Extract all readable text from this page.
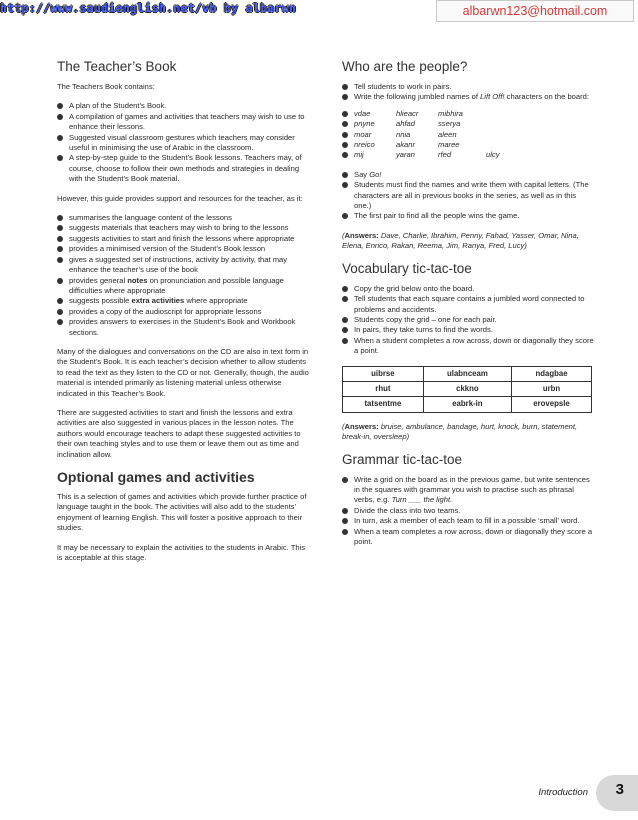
http://www.saudienglish.net/vb by albarwn	albarwn123@hotmail.com
The Teacher’s Book

The Teachers Book contains:

A plan of the Student’s Book.
A compilation of games and activities that teachers may wish to use to enhance their lessons.
Suggested visual classroom gestures which teachers may consider useful in minimising the use of Arabic in the classroom.
A step-by-step guide to the Student’s Book lessons. Teachers may, of course, choose to follow their own methods and strategies in dealing with the Student’s Book material.

However, this guide provides support and resources for the teacher, as it:

summarises the language content of the lessons
suggests materials that teachers may wish to bring to the lessons
suggests activities to start and finish the lessons where appropriate
provides a minimised version of the Student’s Book lesson
gives a suggested set of instructions, activity by activity, that may enhance the teacher’s use of the book
provides general notes on pronunciation and possible language difficulties where appropriate
suggests possible extra activities where appropriate
provides a copy of the audioscript for appropriate lessons
provides answers to exercises in the Student’s Book and Workbook sections.

Many of the dialogues and conversations on the CD are also in text form in the Student’s Book. It is each teacher’s decision whether to allow students to read the text as they listen to the CD or not. Generally, though, the audio material is intended primarily as listening material unless otherwise indicated in this Teacher’s Book.

There are suggested activities to start and finish the lessons and extra activities are also suggested in various places in the lesson notes. The authors would encourage teachers to adapt these suggested activities to their own teaching styles and to use them or leave them out as time and inclination allow.

Optional games and activities

This is a selection of games and activities which provide further practice of language taught in the book. The activities will also add to the students’ enjoyment of learning English. This will foster a positive approach to their studies.

It may be necessary to explain the activities to the students in Arabic. This is acceptable at this stage.

Who are the people?
Tell students to work in pairs.
Write the following jumbled names of Lift Off! characters on the board:
vdae	hlieacr	mibhira
pnyne	ahfad	sserya
moar	nnia	aleen
nreico	akanr	maree
mij	yaran	rfed	ulcy
Say Go!
Students must find the names and write them with capital letters. (The characters are all in previous books in the series, as well as in this one.)
The first pair to find all the people wins the game.

(Answers: Dave, Charlie, Ibrahim, Penny, Fahad, Yasser, Omar, Nina, Elena, Enrico, Rakan, Reema, Jim, Ranya, Fred, Lucy)

Vocabulary tic-tac-toe
Copy the grid below onto the board.
Tell students that each square contains a jumbled word connected to problems and accidents.
Students copy the grid – one for each pair.
In pairs, they take turns to find the words.
When a student completes a row across, down or diagonally they score a point.
uibrse	ulabnceam	ndagbae
rhut	ckkno	urbn
tatsentme	eabrk-in	erovepsle

(Answers: bruise, ambulance, bandage, hurt, knock, burn, statement, break-in, oversleep)

Grammar tic-tac-toe
Write a grid on the board as in the previous game, but write sentences in the squares with grammar you wish to practise such as phrasal verbs, e.g. Turn ___ the light.
Divide the class into two teams.
In turn, ask a member of each team to fill in a possible ‘small’ word.
When a team completes a row across, down or diagonally they score a point.
Introduction 3
